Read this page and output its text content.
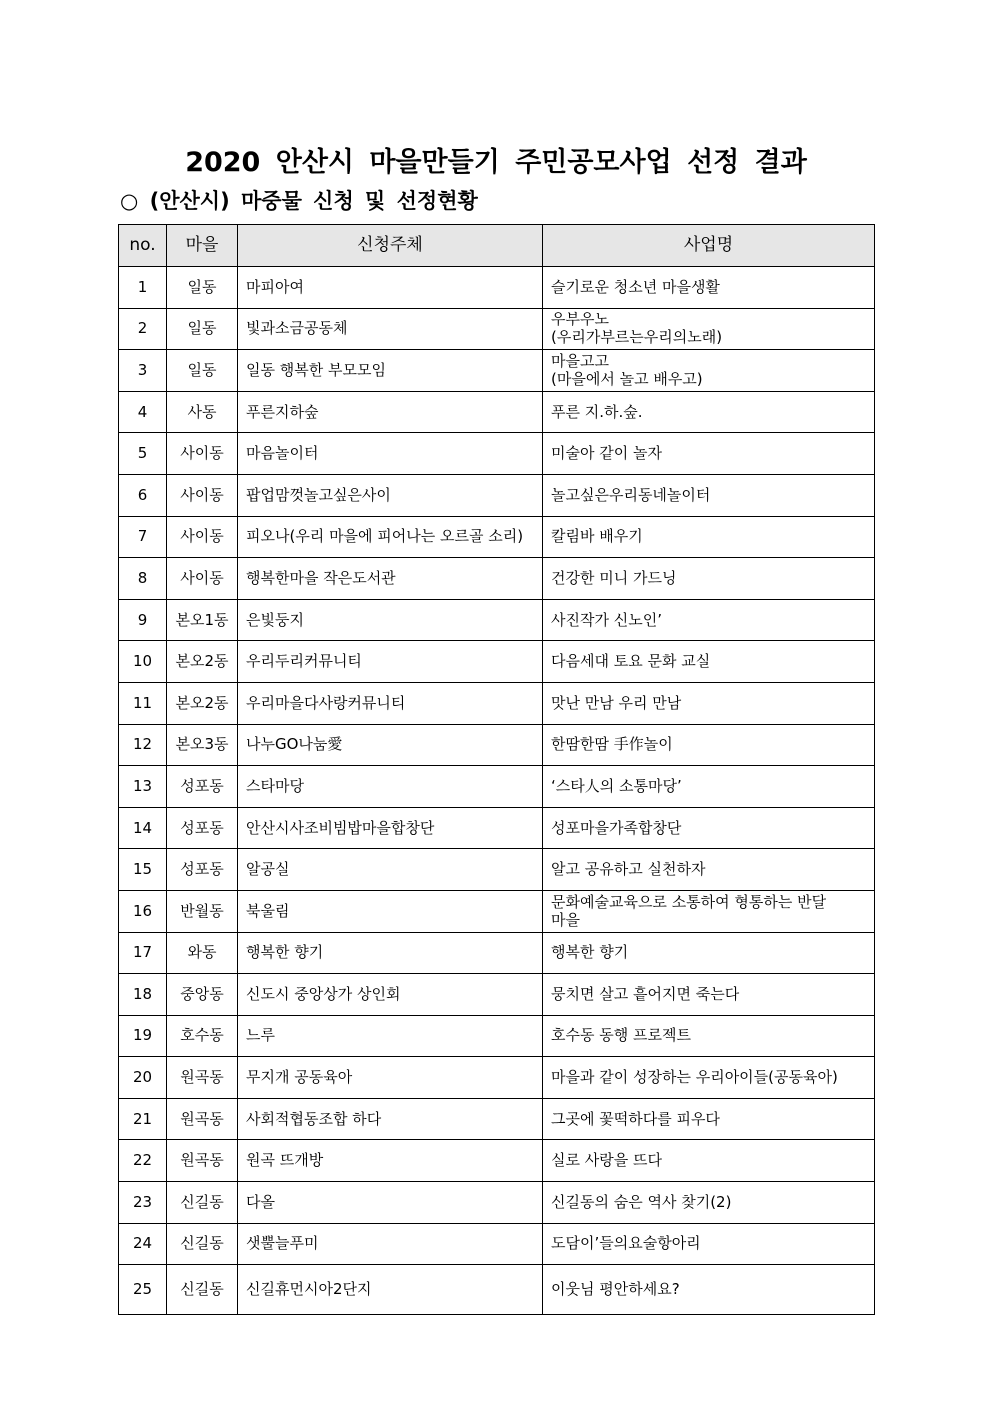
2020 안산시 마을만들기 주민공모사업 선정 결과
○ (안산시) 마중물 신청 및 선정현황
no.	마을	신청주체	사업명
1	일동	마피아여	슬기로운 청소년 마을생활

2	일동	빛과소금공동체	우부우노
(우리가부르는우리의노래)

3	일동	일동 행복한 부모모임	마을고고
(마을에서 놀고 배우고)

4	사동	푸른지하숲	푸른 지.하.숲.

5	사이동	마음놀이터	미술아 같이 놀자

6	사이동	팝업맘껏놀고싶은사이	놀고싶은우리동네놀이터

7	사이동	피오나(우리 마을에 피어나는 오르골 소리)	칼림바 배우기

8	사이동	행복한마을 작은도서관	건강한 미니 가드닝

9	본오1동	은빛둥지	사진작가 신노인’

10	본오2동	우리두리커뮤니티	다음세대 토요 문화 교실

11	본오2동	우리마을다사랑커뮤니티	맛난 만남 우리 만남

12	본오3동	나누GO나눔愛	한땀한땀 手作놀이

13	성포동	스타마당	‘스타人의 소통마당’

14	성포동	안산시사조비빔밥마을합창단	성포마을가족합창단

15	성포동	알공실	알고 공유하고 실천하자

16	반월동	북울림	문화예술교육으로 소통하여 형통하는 반달
마을

17	와동	행복한 향기	행복한 향기

18	중앙동	신도시 중앙상가 상인회	뭉치면 살고 흩어지면 죽는다

19	호수동	느루	호수동 동행 프로젝트

20	원곡동	무지개 공동육아	마을과 같이 성장하는 우리아이들(공동육아)

21	원곡동	사회적협동조합 하다	그곳에 꽃떡하다를 피우다

22	원곡동	원곡 뜨개방	실로 사랑을 뜨다

23	신길동	다올	신길동의 숨은 역사 찾기(2)

24	신길동	샛뿔늘푸미	도담이’들의요술항아리

25	신길동	신길휴먼시아2단지	이웃님 평안하세요?
